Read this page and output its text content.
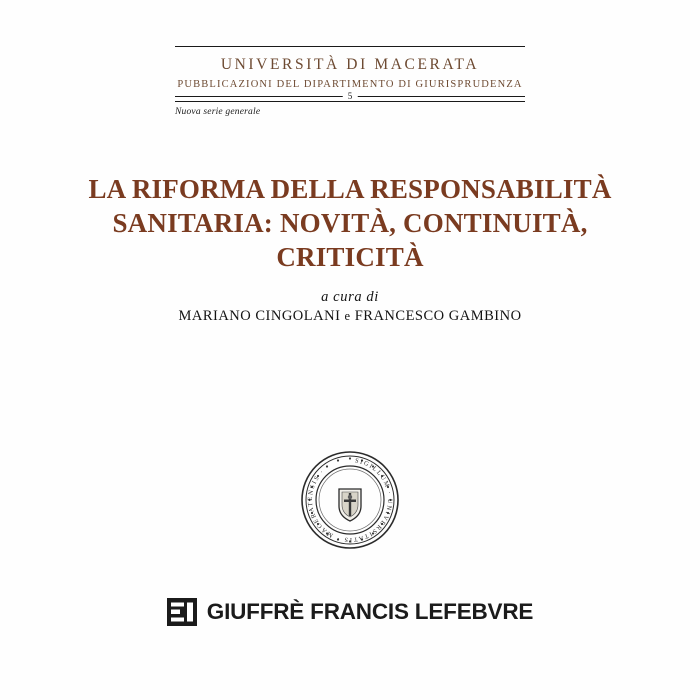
UNIVERSITÀ DI MACERATA
PUBBLICAZIONI DEL DIPARTIMENTO DI GIURISPRUDENZA
5
Nuova serie generale
LA RIFORMA DELLA RESPONSABILITÀ
SANITARIA: NOVITÀ, CONTINUITÀ,
CRITICITÀ
a cura di
MARIANO CINGOLANI e FRANCESCO GAMBINO
SIGILLUM · UNIVERSITATIS · MACERATENSIS ·
GIUFFRÈ FRANCIS LEFEBVRE
